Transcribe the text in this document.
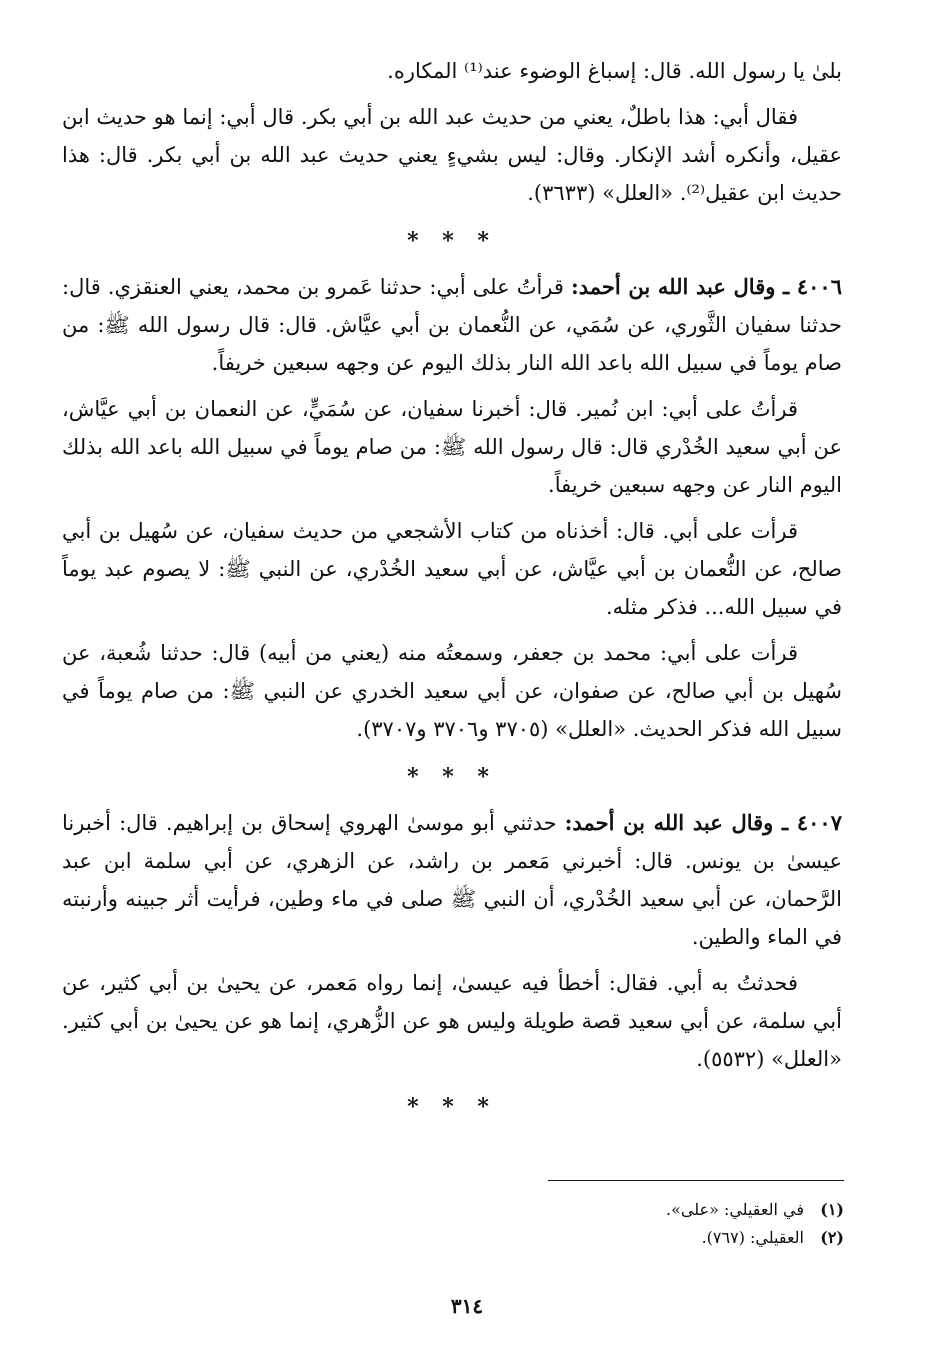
بلىٰ يا رسول الله. قال: إسباغ الوضوء عند⁽¹⁾ المكاره.

فقال أبي: هذا باطلٌ، يعني من حديث عبد الله بن أبي بكر. قال أبي: إنما هو حديث ابن عقيل، وأنكره أشد الإنكار. وقال: ليس بشيءٍ يعني حديث عبد الله بن أبي بكر. قال: هذا حديث ابن عقيل⁽²⁾. «العلل» (٣٦٣٣).

* * *

٤٠٠٦ ـ وقال عبد الله بن أحمد: قرأتُ على أبي: حدثنا عَمرو بن محمد، يعني العنقزي. قال: حدثنا سفيان الثَّوري، عن سُمَي، عن النُّعمان بن أبي عيَّاش. قال: قال رسول الله ﷺ: من صام يوماً في سبيل الله باعد الله النار بذلك اليوم عن وجهه سبعين خريفاً.

قرأتُ على أبي: ابن نُمير. قال: أخبرنا سفيان، عن سُمَيٍّ، عن النعمان بن أبي عيَّاش، عن أبي سعيد الخُدْري قال: قال رسول الله ﷺ: من صام يوماً في سبيل الله باعد الله بذلك اليوم النار عن وجهه سبعين خريفاً.

قرأت على أبي. قال: أخذناه من كتاب الأشجعي من حديث سفيان، عن سُهيل بن أبي صالح، عن النُّعمان بن أبي عيَّاش، عن أبي سعيد الخُدْري، عن النبي ﷺ: لا يصوم عبد يوماً في سبيل الله... فذكر مثله.

قرأت على أبي: محمد بن جعفر، وسمعتُه منه (يعني من أبيه) قال: حدثنا شُعبة، عن سُهيل بن أبي صالح، عن صفوان، عن أبي سعيد الخدري عن النبي ﷺ: من صام يوماً في سبيل الله فذكر الحديث. «العلل» (٣٧٠٥ و٣٧٠٦ و٣٧٠٧).

* * *

٤٠٠٧ ـ وقال عبد الله بن أحمد: حدثني أبو موسىٰ الهروي إسحاق بن إبراهيم. قال: أخبرنا عيسىٰ بن يونس. قال: أخبرني مَعمر بن راشد، عن الزهري، عن أبي سلمة ابن عبد الرَّحمان، عن أبي سعيد الخُدْري، أن النبي ﷺ صلى في ماء وطين، فرأيت أثر جبينه وأرنبته في الماء والطين.

فحدثتُ به أبي. فقال: أخطأ فيه عيسىٰ، إنما رواه مَعمر، عن يحيىٰ بن أبي كثير، عن أبي سلمة، عن أبي سعيد قصة طويلة وليس هو عن الزُّهري، إنما هو عن يحيىٰ بن أبي كثير. «العلل» (٥٥٣٢).

* * *
(١)في العقيلي: «على».
(٢)العقيلي: (٧٦٧).
٣١٤
